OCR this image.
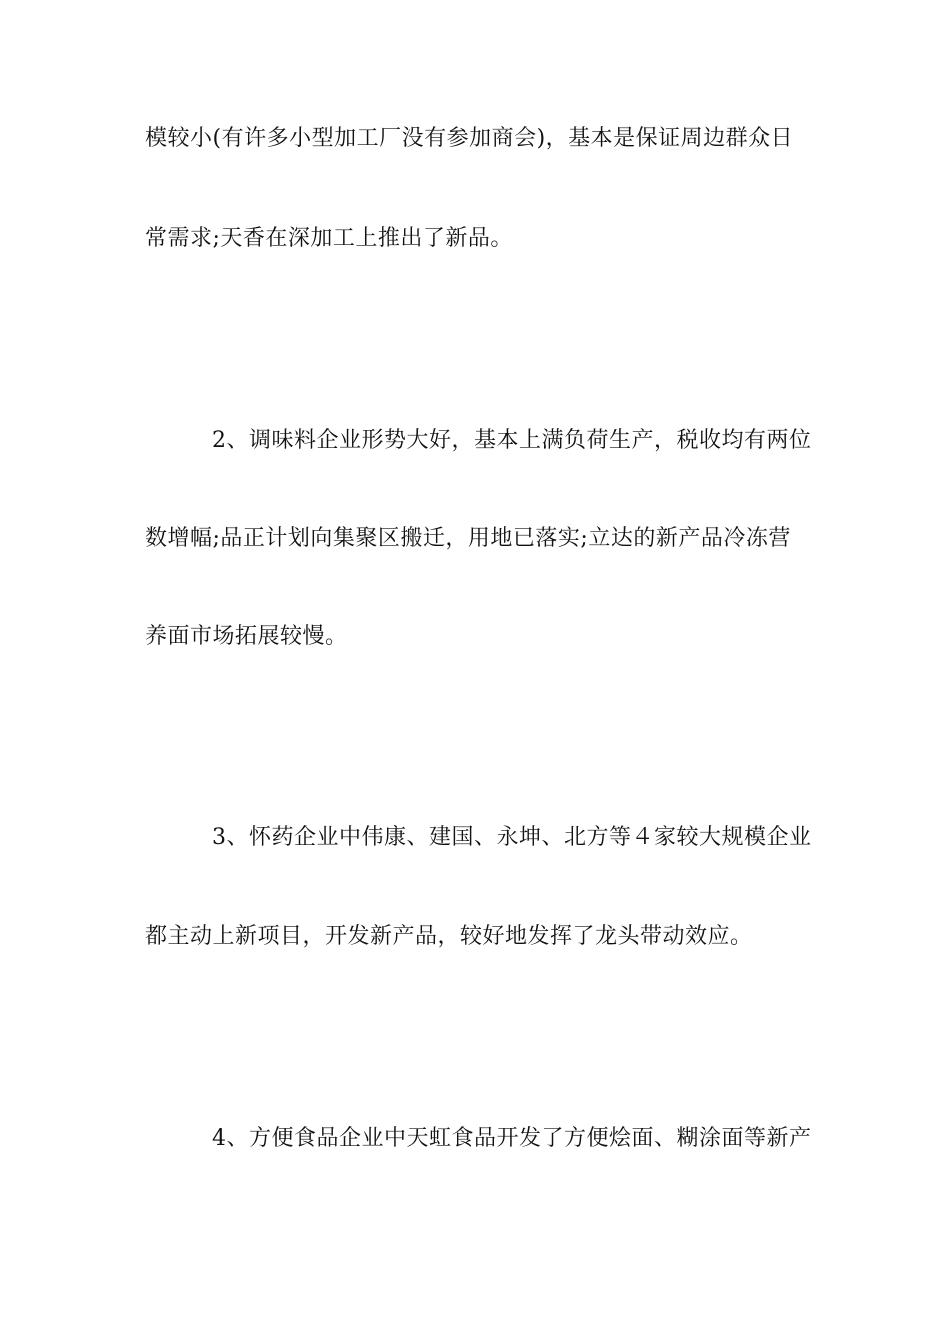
模较小(有许多小型加工厂没有参加商会)，基本是保证周边群众日
常需求;天香在深加工上推出了新品。
2、调味料企业形势大好，基本上满负荷生产，税收均有两位
数增幅;品正计划向集聚区搬迁，用地已落实;立达的新产品冷冻营
养面市场拓展较慢。
3、怀药企业中伟康、建国、永坤、北方等４家较大规模企业
都主动上新项目，开发新产品，较好地发挥了龙头带动效应。
4、方便食品企业中天虹食品开发了方便烩面、糊涂面等新产
